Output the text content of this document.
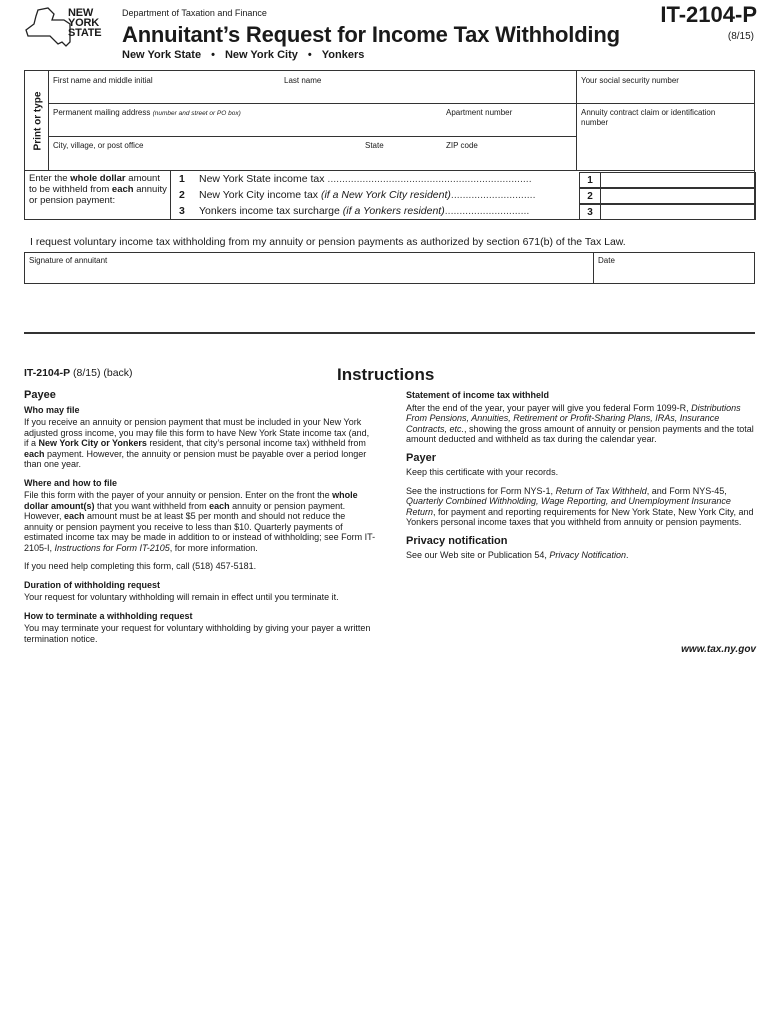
NEW
YORK
STATE
Department of Taxation and Finance
Annuitant’s Request for Income Tax Withholding
New York State • New York City • Yonkers
IT-2104-P
(8/15)
Print or type
First name and middle initial	Last name	Your social security number
Permanent mailing address (number and street or PO box)	Apartment number	Annuity contract claim or identification number
City, village, or post office	State	ZIP code
Enter the whole dollar amount to be withheld from each annuity or pension payment:
1 New York State income tax ......................................................................	1
2 New York City income tax (if a New York City resident).............................	2
3 Yonkers income tax surcharge (if a Yonkers resident).............................	3
I request voluntary income tax withholding from my annuity or pension payments as authorized by section 671(b) of the Tax Law.
Signature of annuitant	Date
IT-2104-P (8/15) (back)	Instructions
Payee
Who may file

If you receive an annuity or pension payment that must be included in your New York adjusted gross income, you may file this form to have New York State income tax (and, if a New York City or Yonkers resident, that city’s personal income tax) withheld from each payment. However, the annuity or pension must be payable over a period longer than one year.

Where and how to file

File this form with the payer of your annuity or pension. Enter on the front the whole dollar amount(s) that you want withheld from each annuity or pension payment. However, each amount must be at least $5 per month and should not reduce the annuity or pension payment you receive to less than $10. Quarterly payments of estimated income tax may be made in addition to or instead of withholding; see Form IT-2105-I, Instructions for Form IT-2105, for more information.

If you need help completing this form, call (518) 457-5181.

Duration of withholding request

Your request for voluntary withholding will remain in effect until you terminate it.

How to terminate a withholding request

You may terminate your request for voluntary withholding by giving your payer a written termination notice.

Statement of income tax withheld

After the end of the year, your payer will give you federal Form 1099-R, Distributions From Pensions, Annuities, Retirement or Profit-Sharing Plans, IRAs, Insurance Contracts, etc., showing the gross amount of annuity or pension payments and the total amount deducted and withheld as tax during the calendar year.

Payer

Keep this certificate with your records.

See the instructions for Form NYS-1, Return of Tax Withheld, and Form NYS-45, Quarterly Combined Withholding, Wage Reporting, and Unemployment Insurance Return, for payment and reporting requirements for New York State, New York City, and Yonkers personal income taxes that you withheld from annuity or pension payments.

Privacy notification

See our Web site or Publication 54, Privacy Notification.

www.tax.ny.gov
